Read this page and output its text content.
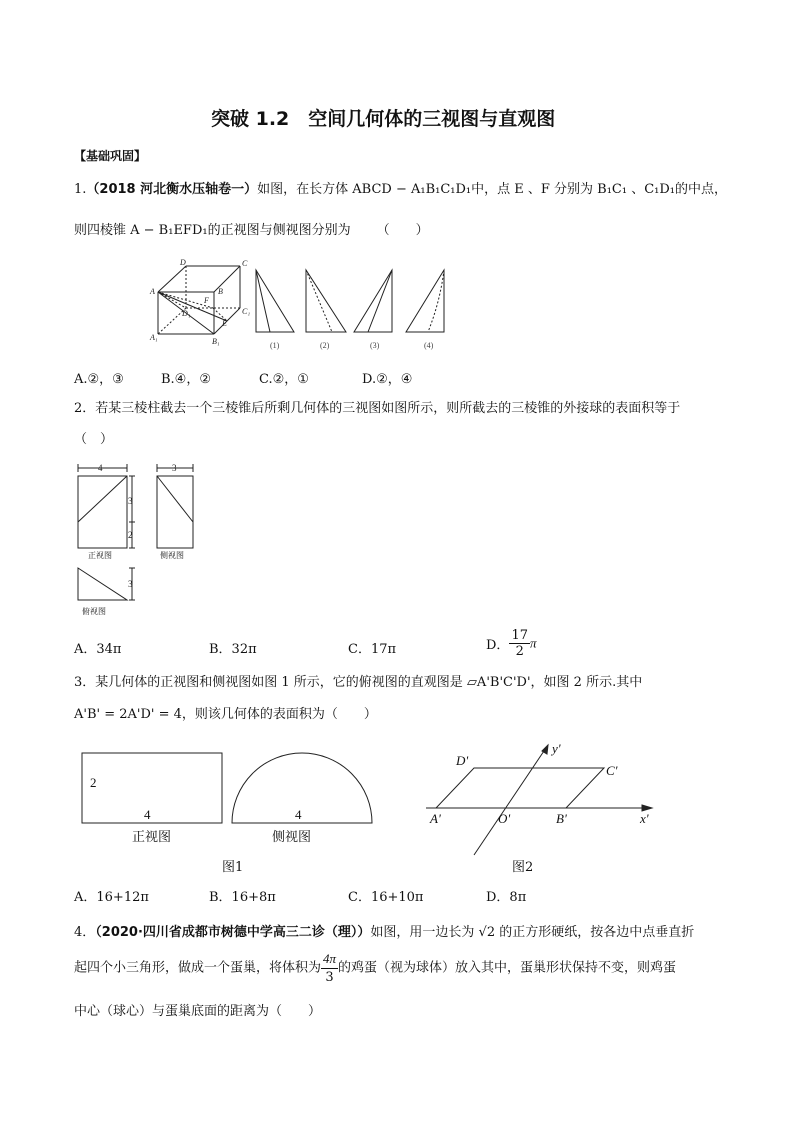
突破 1.2　空间几何体的三视图与直观图
【基础巩固】
1.（2018 河北衡水压轴卷一）如图，在长方体 ABCD − A₁B₁C₁D₁中，点 E 、F 分别为 B₁C₁ 、C₁D₁的中点，
则四棱锥 A − B₁EFD₁的正视图与侧视图分别为 （　　）
D	C
A	B
F
D₁
E
C₁
A₁	B₁	(1)	(2)	(3)	(4)
A.②，③	B.④，②	C.②，①	D.②，④
2．若某三棱柱截去一个三棱锥后所剩几何体的三视图如图所示，则所截去的三棱锥的外接球的表面积等于
（　）
4	3
3
2
3
正视图	侧视图
俯视图
A．34π	B．32π	C．17π	D． $\frac{17}{2}$ π
3．某几何体的正视图和侧视图如图 1 所示，它的俯视图的直观图是 ▱A'B'C'D'，如图 2 所示.其中
A'B' = 2A'D' = 4，则该几何体的表面积为（　　）
2
4	4
正视图	侧视图
图1
D'
C'
y'
A'	O'	B'	x'
图2
A．16+12π	B．16+8π	C．16+10π	D．8π
4．（2020·四川省成都市树德中学高三二诊（理））如图，用一边长为 √2 的正方形硬纸，按各边中点垂直折
起四个小三角形，做成一个蛋巢，将体积为 $\frac{4\pi}{3}$ 的鸡蛋（视为球体）放入其中，蛋巢形状保持不变，则鸡蛋
中心（球心）与蛋巢底面的距离为（　　）
